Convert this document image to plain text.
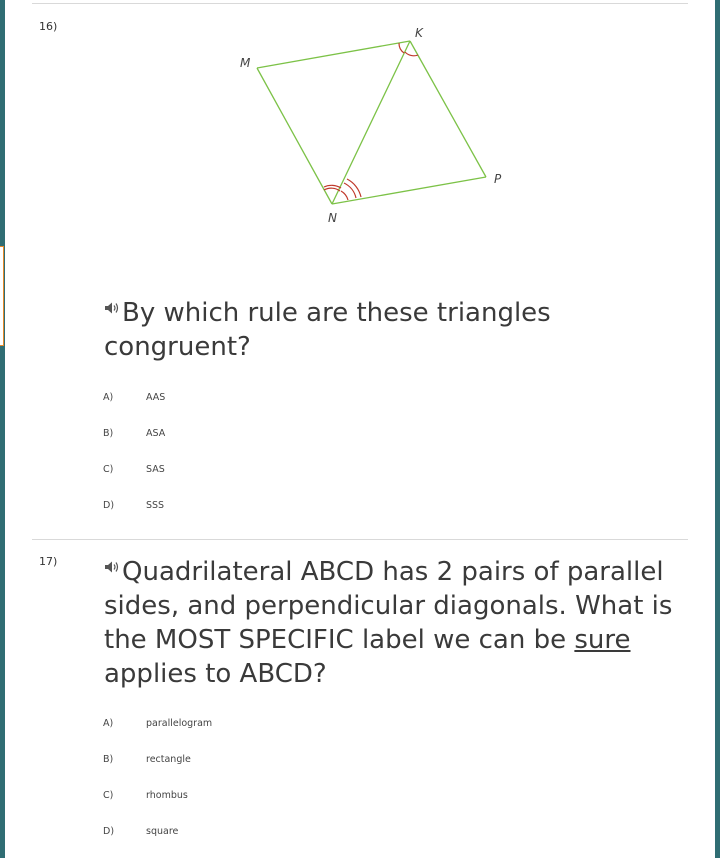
16)
M
K
N
P
By which rule are these triangles congruent?
A)	AAS
B)	ASA
C)	SAS
D)	SSS
17)	Quadrilateral ABCD has 2 pairs of parallel sides, and perpendicular diagonals. What is the MOST SPECIFIC label we can be sure applies to ABCD?
A)	parallelogram
B)	rectangle
C)	rhombus
D)	square
